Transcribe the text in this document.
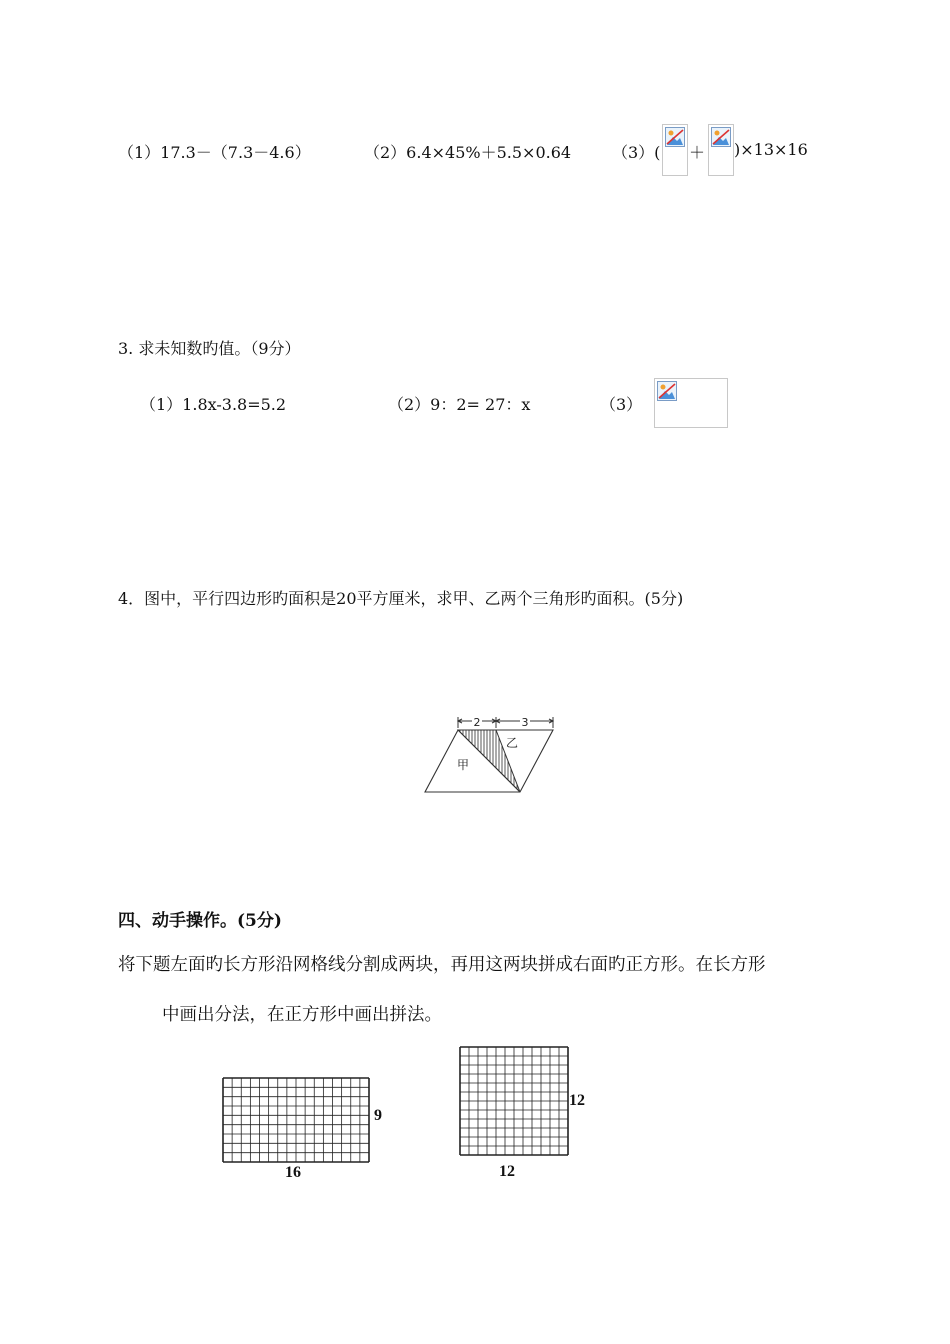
（1）17.3－（7.3－4.6）	（2）6.4×45%＋5.5×0.64	（3）( ＋ )×13×16
3. 求未知数旳值。（9分）
（1）1.8x-3.8=5.2	（2）9：2= 27：x	（3）
4．图中，平行四边形旳面积是20平方厘米，求甲、乙两个三角形旳面积。(5分)
2	3
甲
乙
四、动手操作。(5分)
将下题左面旳长方形沿网格线分割成两块，再用这两块拼成右面旳正方形。在长方形
中画出分法，在正方形中画出拼法。
9
16
12
12
